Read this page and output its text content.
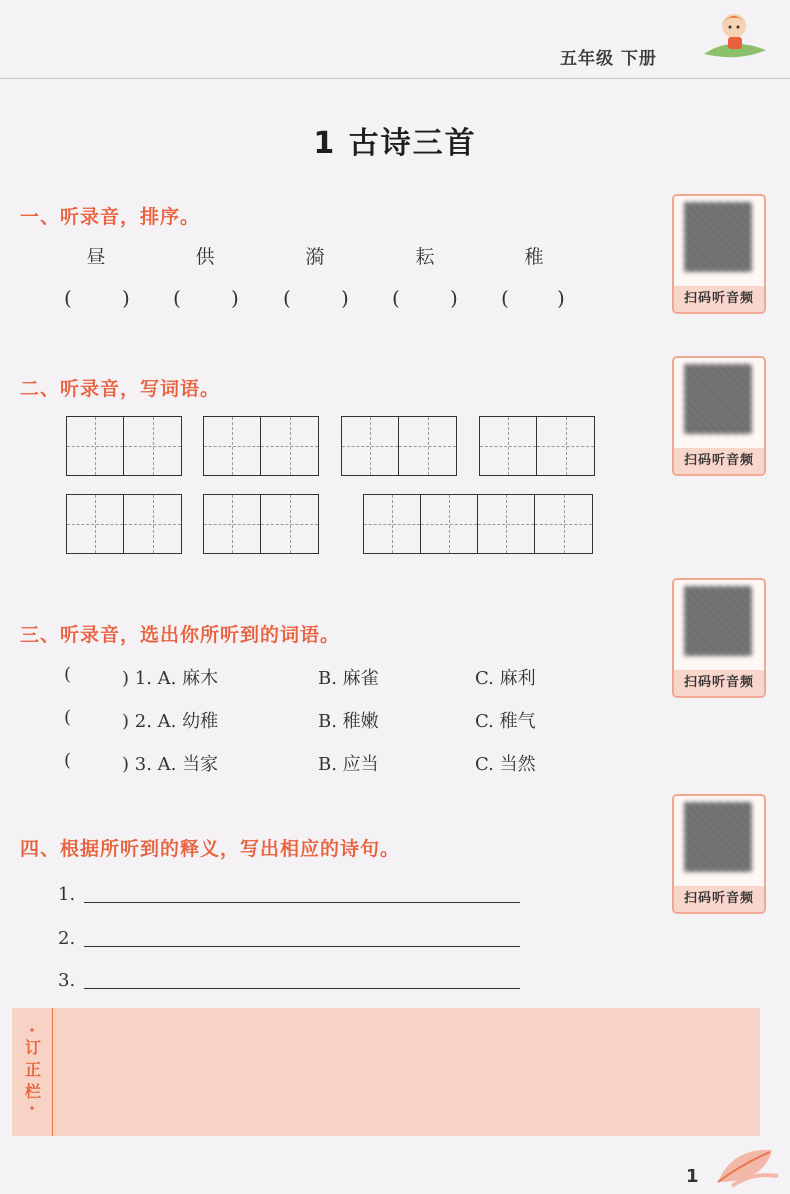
五年级 下册
1 古诗三首
一、听录音，排序。
昼	供	漪	耘	稚
(	) (	) (	) (	) ( )
二、听录音，写词语。
三、听录音，选出你所听到的词语。
(	) 1. A. 麻木	B. 麻雀	C. 麻利
(	) 2. A. 幼稚	B. 稚嫩	C. 稚气
(	) 3. A. 当家	B. 应当	C. 当然
四、根据所听到的释义，写出相应的诗句。
1.
2.
3.
扫码听音频
扫码听音频
扫码听音频
扫码听音频
·订正栏·
1
